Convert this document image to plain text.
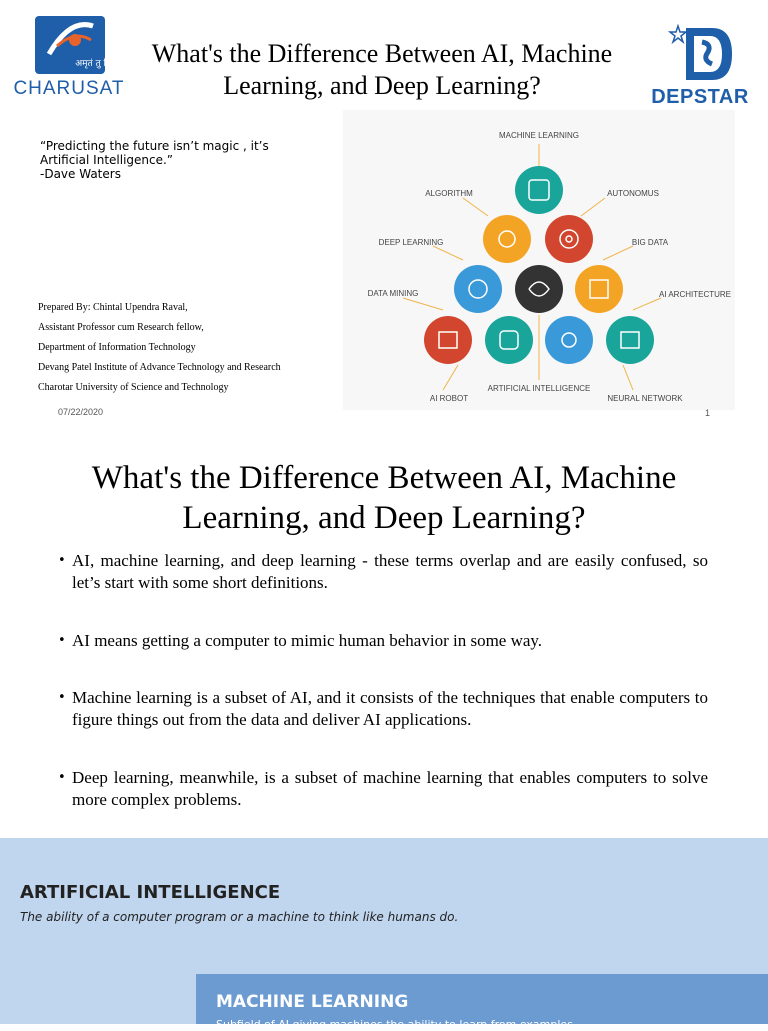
अमृतं तु विद्या
CHARUSAT
What's the Difference Between AI, Machine Learning, and Deep Learning?	DEPSTAR
“Predicting the future isn’t magic , it’s
Artificial Intelligence.”
-Dave Waters
MACHINE LEARNING
ALGORITHM	AUTONOMUS
DEEP LEARNING	BIG DATA
DATA MINING	AI ARCHITECTURE
ARTIFICIAL INTELLIGENCE
AI ROBOT	NEURAL NETWORK
Prepared By: Chintal Upendra Raval,
Assistant Professor cum Research fellow,
Department of Information Technology
Devang Patel Institute of Advance Technology and Research
Charotar University of Science and Technology
07/22/2020	1
What's the Difference Between AI, Machine Learning, and Deep Learning?
• AI, machine learning, and deep learning - these terms overlap and are easily confused, so let’s start with some short definitions.
• AI means getting a computer to mimic human behavior in some way.
• Machine learning is a subset of AI, and it consists of the techniques that enable computers to figure things out from the data and deliver AI applications.
• Deep learning, meanwhile, is a subset of machine learning that enables computers to solve more complex problems.
ARTIFICIAL INTELLIGENCE
The ability of a computer program or a machine to think like humans do.
MACHINE LEARNING
Subfield of AI giving machines the ability to learn from examples
